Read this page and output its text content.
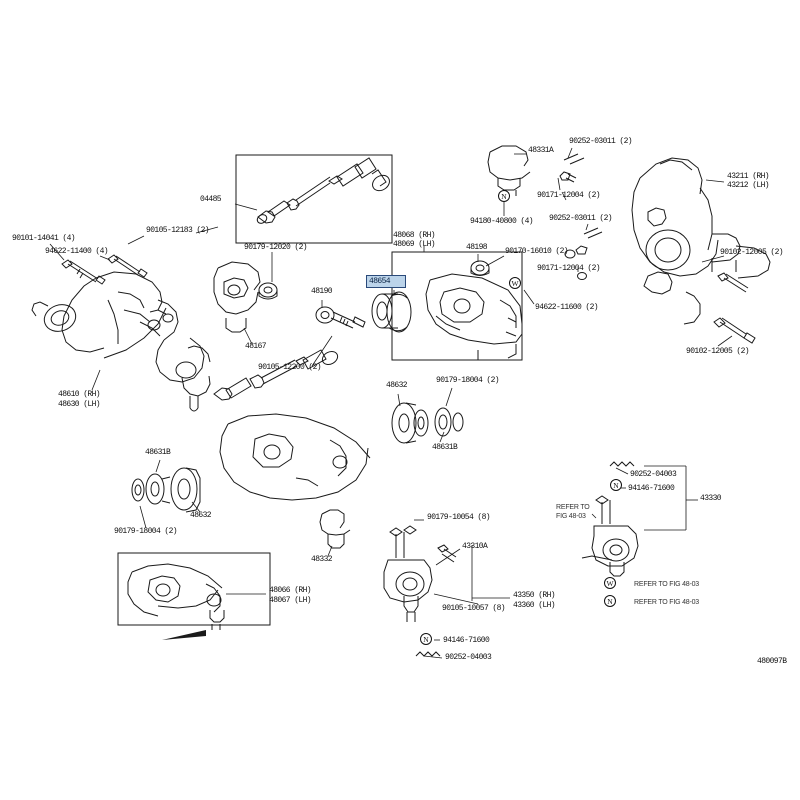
48654
04485
90105-12183 (2)
90179-12020 (2)
48068 (RH)
48069 (LH)	48198
48331A
90252-03011 (2)
90171-12004 (2)
94180-40800 (4) 90252-03011 (2)
90170-16010 (2)
90171-12004 (2)
94622-11600 (2)
43211 (RH)
43212 (LH)
90102-12005 (2)
90102-12005 (2)
90101-14041 (4)
94622-11400 (4)
48610 (RH)
48630 (LH)
48167
48190
90105-12200 (2)
48632
90179-18004 (2)
48631B
48631B
48632
90179-18004 (2)
48332
90179-10054 (8)
43310A
90105-10057 (8)
94146-71600
90252-04003
43350 (RH)
43360 (LH)
48066 (RH)
48067 (LH)
90252-04003
94146-71600
43330
480097B
REFER TO
FIG 48-03
W	REFER TO FIG 48-03
N	REFER TO FIG 48-03
N
W
N
N
